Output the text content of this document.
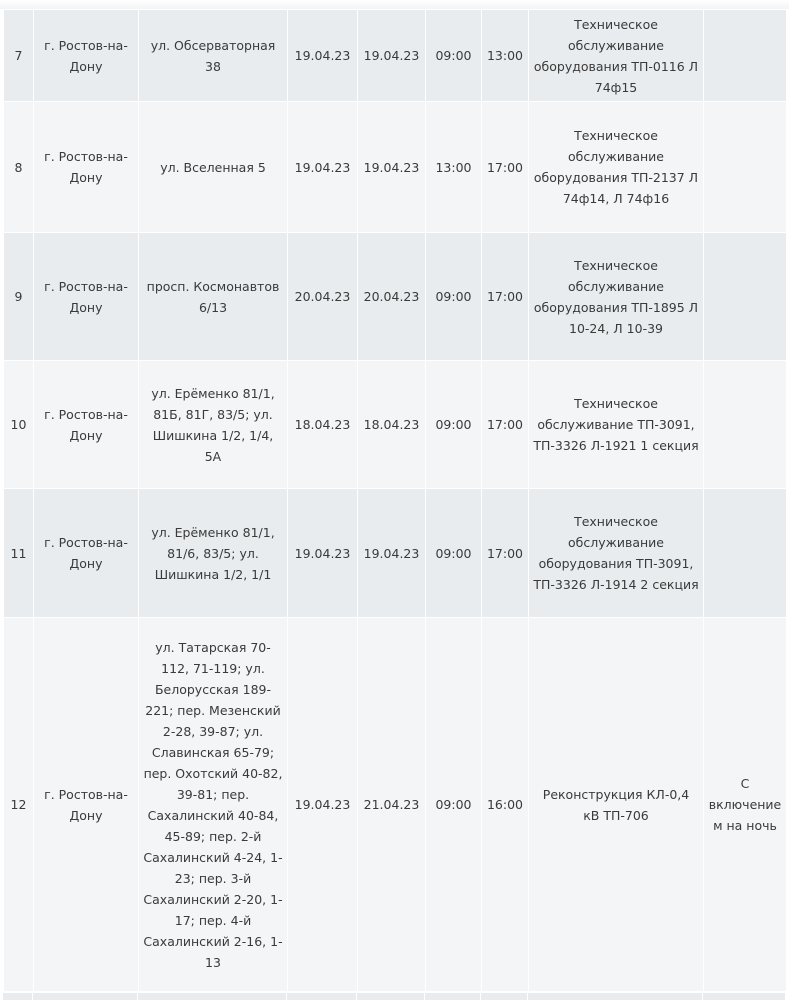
7	г. Ростов-на-Дону	ул. Обсерваторная 38	19.04.23	19.04.23	09:00	13:00	Техническое обслуживание оборудования ТП-0116 Л 74ф15	
8	г. Ростов-на-Дону	ул. Вселенная 5	19.04.23	19.04.23	13:00	17:00	Техническое обслуживание оборудования ТП-2137 Л 74ф14, Л 74ф16	
9	г. Ростов-на-Дону	просп. Космонавтов 6/13	20.04.23	20.04.23	09:00	17:00	Техническое обслуживание оборудования ТП-1895 Л 10-24, Л 10-39	
10	г. Ростов-на-Дону	ул. Ерёменко 81/1, 81Б, 81Г, 83/5; ул. Шишкина 1/2, 1/4, 5А	18.04.23	18.04.23	09:00	17:00	Техническое обслуживание ТП-3091, ТП-3326 Л-1921 1 секция	
11	г. Ростов-на-Дону	ул. Ерёменко 81/1, 81/6, 83/5; ул. Шишкина 1/2, 1/1	19.04.23	19.04.23	09:00	17:00	Техническое обслуживание оборудования ТП-3091, ТП-3326 Л-1914 2 секция	
12	г. Ростов-на-Дону	ул. Татарская 70-112, 71-119; ул. Белорусская 189-221; пер. Мезенский 2-28, 39-87; ул. Славинская 65-79; пер. Охотский 40-82, 39-81; пер. Сахалинский 40-84, 45-89; пер. 2-й Сахалинский 4-24, 1-23; пер. 3-й Сахалинский 2-20, 1-17; пер. 4-й Сахалинский 2-16, 1-13	19.04.23	21.04.23	09:00	16:00	Реконструкция КЛ-0,4 кВ ТП-706	С включением на ночь
